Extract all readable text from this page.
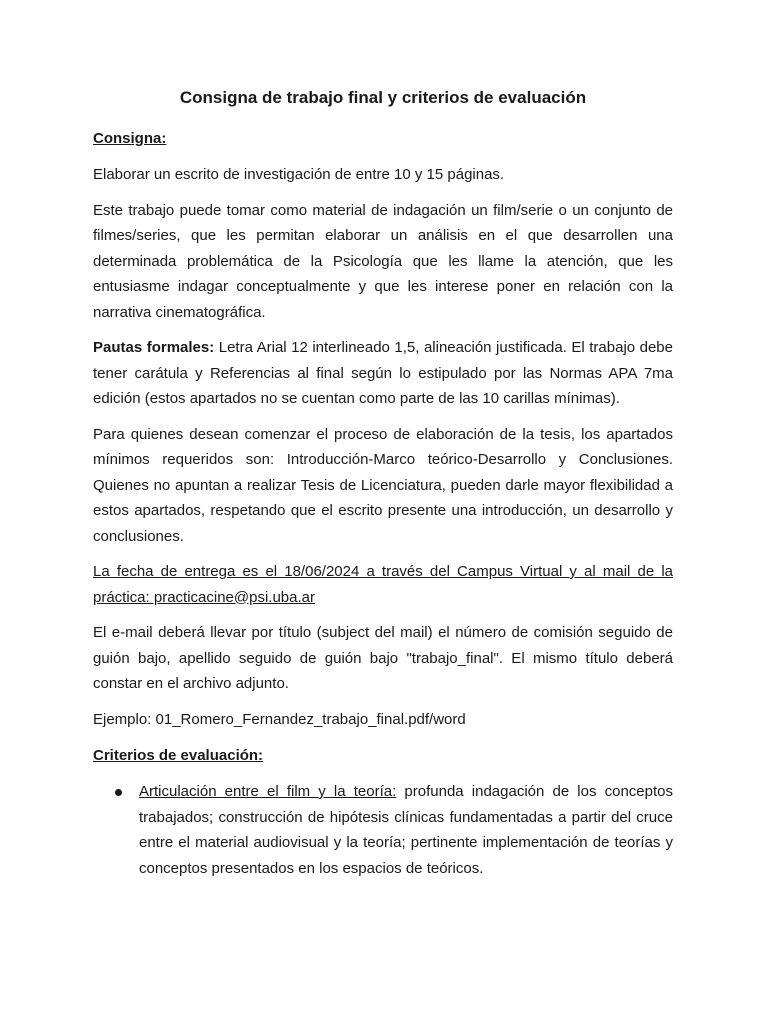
Consigna de trabajo final y criterios de evaluación
Consigna:

Elaborar un escrito de investigación de entre 10 y 15 páginas.

Este trabajo puede tomar como material de indagación un film/serie o un conjunto de filmes/series, que les permitan elaborar un análisis en el que desarrollen una determinada problemática de la Psicología que les llame la atención, que les entusiasme indagar conceptualmente y que les interese poner en relación con la narrativa cinematográfica.

Pautas formales: Letra Arial 12 interlineado 1,5, alineación justificada. El trabajo debe tener carátula y Referencias al final según lo estipulado por las Normas APA 7ma edición (estos apartados no se cuentan como parte de las 10 carillas mínimas).

Para quienes desean comenzar el proceso de elaboración de la tesis, los apartados mínimos requeridos son: Introducción-Marco teórico-Desarrollo y Conclusiones. Quienes no apuntan a realizar Tesis de Licenciatura, pueden darle mayor flexibilidad a estos apartados, respetando que el escrito presente una introducción, un desarrollo y conclusiones.

La fecha de entrega es el 18/06/2024 a través del Campus Virtual y al mail de la práctica: practicacine@psi.uba.ar

El e-mail deberá llevar por título (subject del mail) el número de comisión seguido de guión bajo, apellido seguido de guión bajo "trabajo_final". El mismo título deberá constar en el archivo adjunto.

Ejemplo: 01_Romero_Fernandez_trabajo_final.pdf/word

Criterios de evaluación:
Articulación entre el film y la teoría: profunda indagación de los conceptos trabajados; construcción de hipótesis clínicas fundamentadas a partir del cruce entre el material audiovisual y la teoría; pertinente implementación de teorías y conceptos presentados en los espacios de teóricos.
